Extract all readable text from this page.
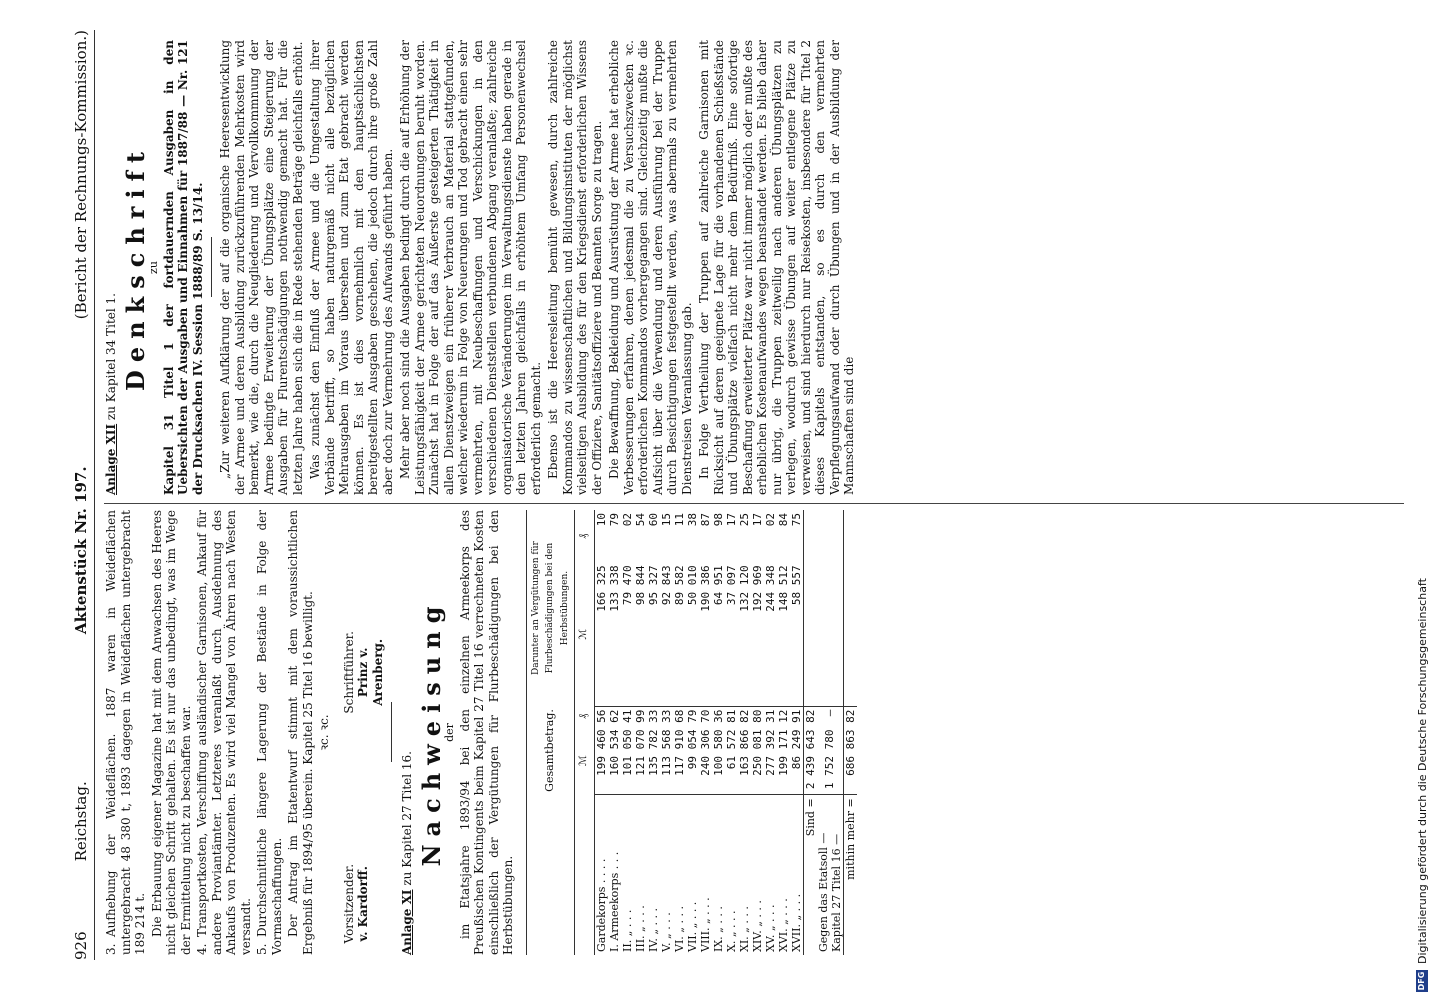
926
Reichstag.
Aktenstück Nr. 197.
(Bericht der Rechnungs-Kommission.)
3.Aufhebung der Weideflächen. 1887 waren in Weideflächen untergebracht 48 380 t, 1893 dagegen in Weideflächen untergebracht 189 214 t. Die Erbauung eigener Magazine hat mit dem Anwachsen des Heeres nicht gleichen Schritt gehalten. Es ist nur das unbedingt, was im Wege der Ermittelung nicht zu beschaffen war. 4.Transportkosten, Verschiffung ausländischer Garnisonen, Ankauf für andere Proviantämter. Letzteres veranlaßt durch Ausdehnung des Ankaufs von Produzenten. Es wird viel Mangel von Ähren nach Westen versandt. 5.Durchschnittliche längere Lagerung der Bestände in Folge der Vormaschaffungen. Der Antrag im Etatentwurf stimmt mit dem voraussichtlichen Ergebniß für 1894/95 überein. Kapitel 25 Titel 16 bewilligt. ꝛc. ꝛc.
Vorsitzender. v. Kardorff.
Schriftführer. Prinz v. Arenberg.
Anlage XI zu Kapitel 27 Titel 16. Nachweisung
der im Etatsjahre 1893/94 bei den einzelnen Armeekorps des Preußischen Kontingents beim Kapitel 27 Titel 16 verrechneten Kosten einschließlich der Vergütungen für Flurbeschädigungen bei den Herbstübungen.
	Gesamtbetrag.		Darunter an Vergütungen für Flurbeschädigungen bei den Herbstübungen.	
	ℳ	₰	ℳ	₰
Gardekorps . . . .	199 460	56	166 325	10
I. Armeekorps . . .	160 534	62	133 338	79
II. „ . . .	101 050	41	79 470	02
III. „ . . .	121 070	99	98 844	54
IV. „ . . .	135 782	33	95 327	60
V. „ . . .	113 568	33	92 843	15
VI. „ . . .	117 910	68	89 582	11
VII. „ . . .	99 054	79	50 010	38
VIII. „ . . .	240 306	70	190 386	87
IX. „ . . .	100 580	36	64 951	98
X. „ . . .	61 572	81	37 097	17
XI. „ . . .	163 866	82	132 120	25
XIV. „ . . .	250 081	80	192 969	17
XV. „ . . .	277 392	31	244 348	02
XVI. „ . . .	199 171	12	148 512	84
XVII. „ . . .	86 249	91	58 557	75
Sind =	2 439 643	82		
Gegen das Etatsoll — Kapitel 27 Titel 16 —	1 752 780	—		
mithin mehr =	686 863	82		
Anlage XII zu Kapitel 34 Titel 1. Denkschrift
zu Kapitel 31 Titel 1 der fortdauernden Ausgaben in den Uebersichten der Ausgaben und Einnahmen für 1887/88 — Nr. 121 der Drucksachen IV. Session 1888/89 S. 13/14. „Zur weiteren Aufklärung der auf die organische Heeresentwicklung der Armee und deren Ausbildung zurückzuführenden Mehrkosten wird bemerkt, wie die, durch die Neugliederung und Vervollkommnung der Armee bedingte Erweiterung der Übungsplätze eine Steigerung der Ausgaben für Flurentschädigungen nothwendig gemacht hat. Für die letzten Jahre haben sich die in Rede stehenden Beträge gleichfalls erhöht. Was zunächst den Einfluß der Armee und die Umgestaltung ihrer Verbände betrifft, so haben naturgemäß nicht alle bezüglichen Mehrausgaben im Voraus übersehen und zum Etat gebracht werden können. Es ist dies vornehmlich mit den hauptsächlichsten bereitgestellten Ausgaben geschehen, die jedoch durch ihre große Zahl aber doch zur Vermehrung des Aufwands geführt haben. Mehr aber noch sind die Ausgaben bedingt durch die auf Erhöhung der Leistungsfähigkeit der Armee gerichteten Neuordnungen beruht worden. Zunächst hat in Folge der auf das Äußerste gesteigerten Thätigkeit in allen Dienstzweigen ein früherer Verbrauch an Material stattgefunden, welcher wiederum in Folge von Neuerungen und Tod gebracht einen sehr vermehrten, mit Neubeschaffungen und Verschickungen in den verschiedenen Dienststellen verbundenen Abgang veranlaßte; zahlreiche organisatorische Veränderungen im Verwaltungsdienste haben gerade in den letzten Jahren gleichfalls in erhöhtem Umfang Personenwechsel erforderlich gemacht. Ebenso ist die Heeresleitung bemüht gewesen, durch zahlreiche Kommandos zu wissenschaftlichen und Bildungsinstituten der möglichst vielseitigen Ausbildung des für den Kriegsdienst erforderlichen Wissens der Offiziere, Sanitätsoffiziere und Beamten Sorge zu tragen. Die Bewaffnung, Bekleidung und Ausrüstung der Armee hat erhebliche Verbesserungen erfahren, denen jedesmal die zu Versuchszwecken ꝛc. erforderlichen Kommandos vorhergegangen sind. Gleichzeitig mußte die Aufsicht über die Verwendung und deren Ausführung bei der Truppe durch Besichtigungen festgestellt werden, was abermals zu vermehrten Dienstreisen Veranlassung gab. In Folge Vertheilung der Truppen auf zahlreiche Garnisonen mit Rücksicht auf deren geeignete Lage für die vorhandenen Schießstände und Übungsplätze vielfach nicht mehr dem Bedürfniß. Eine sofortige Beschaffung erweiterter Plätze war nicht immer möglich oder mußte des erheblichen Kostenaufwandes wegen beanstandet werden. Es blieb daher nur übrig, die Truppen zeitweilig nach anderen Übungsplätzen zu verlegen, wodurch gewisse Übungen auf weiter entlegene Plätze zu verweisen, und sind hierdurch nur Reisekosten, insbesondere für Titel 2 dieses Kapitels entstanden, so es durch den vermehrten Verpflegungsaufwand oder durch Übungen und in der Ausbildung der Mannschaften sind die

DFG
Digitalisierung gefördert durch die Deutsche Forschungsgemeinschaft
